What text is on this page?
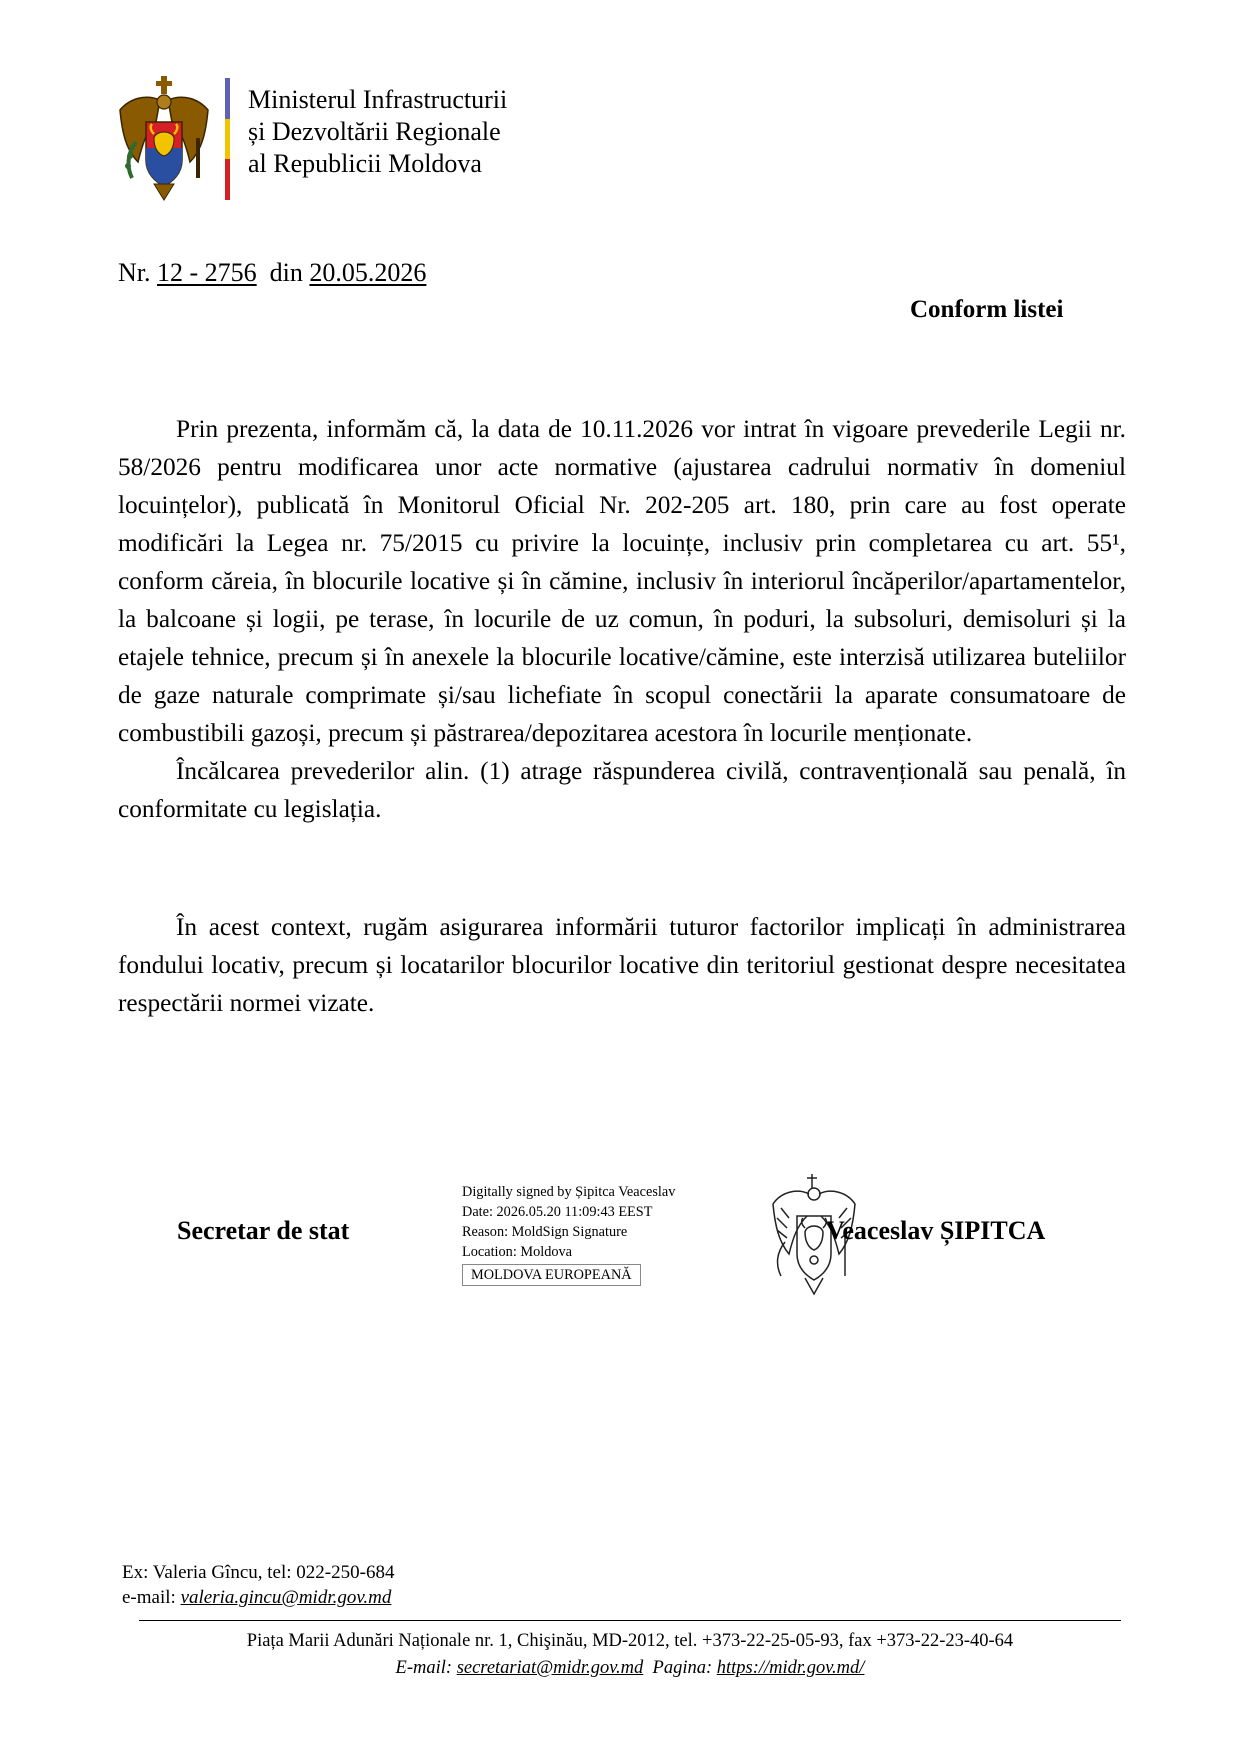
Ministerul Infrastructurii
și Dezvoltării Regionale
al Republicii Moldova
Nr. 12 - 2756 din 20.05.2026
Conform listei

Prin prezenta, informăm că, la data de 10.11.2026 vor intrat în vigoare prevederile Legii nr. 58/2026 pentru modificarea unor acte normative (ajustarea cadrului normativ în domeniul locuințelor), publicată în Monitorul Oficial Nr. 202-205 art. 180, prin care au fost operate modificări la Legea nr. 75/2015 cu privire la locuințe, inclusiv prin completarea cu art. 55¹, conform căreia, în blocurile locative și în cămine, inclusiv în interiorul încăperilor/apartamentelor, la balcoane și logii, pe terase, în locurile de uz comun, în poduri, la subsoluri, demisoluri și la etajele tehnice, precum și în anexele la blocurile locative/cămine, este interzisă utilizarea buteliilor de gaze naturale comprimate și/sau lichefiate în scopul conectării la aparate consumatoare de combustibili gazoși, precum și păstrarea/depozitarea acestora în locurile menționate.

Încălcarea prevederilor alin. (1) atrage răspunderea civilă, contravențională sau penală, în conformitate cu legislația.

În acest context, rugăm asigurarea informării tuturor factorilor implicați în administrarea fondului locativ, precum și locatarilor blocurilor locative din teritoriul gestionat despre necesitatea respectării normei vizate.

Secretar de stat
Digitally signed by Șipitca Veaceslav
Date: 2026.05.20 11:09:43 EEST
Reason: MoldSign Signature
Location: Moldova
MOLDOVA EUROPEANĂ
Veaceslav ȘIPITCA
Ex: Valeria Gîncu, tel: 022-250-684
e-mail: valeria.gincu@midr.gov.md
Piața Marii Adunări Naționale nr. 1, Chişinău, MD-2012, tel. +373-22-25-05-93, fax +373-22-23-40-64
E-mail: secretariat@midr.gov.md Pagina: https://midr.gov.md/
